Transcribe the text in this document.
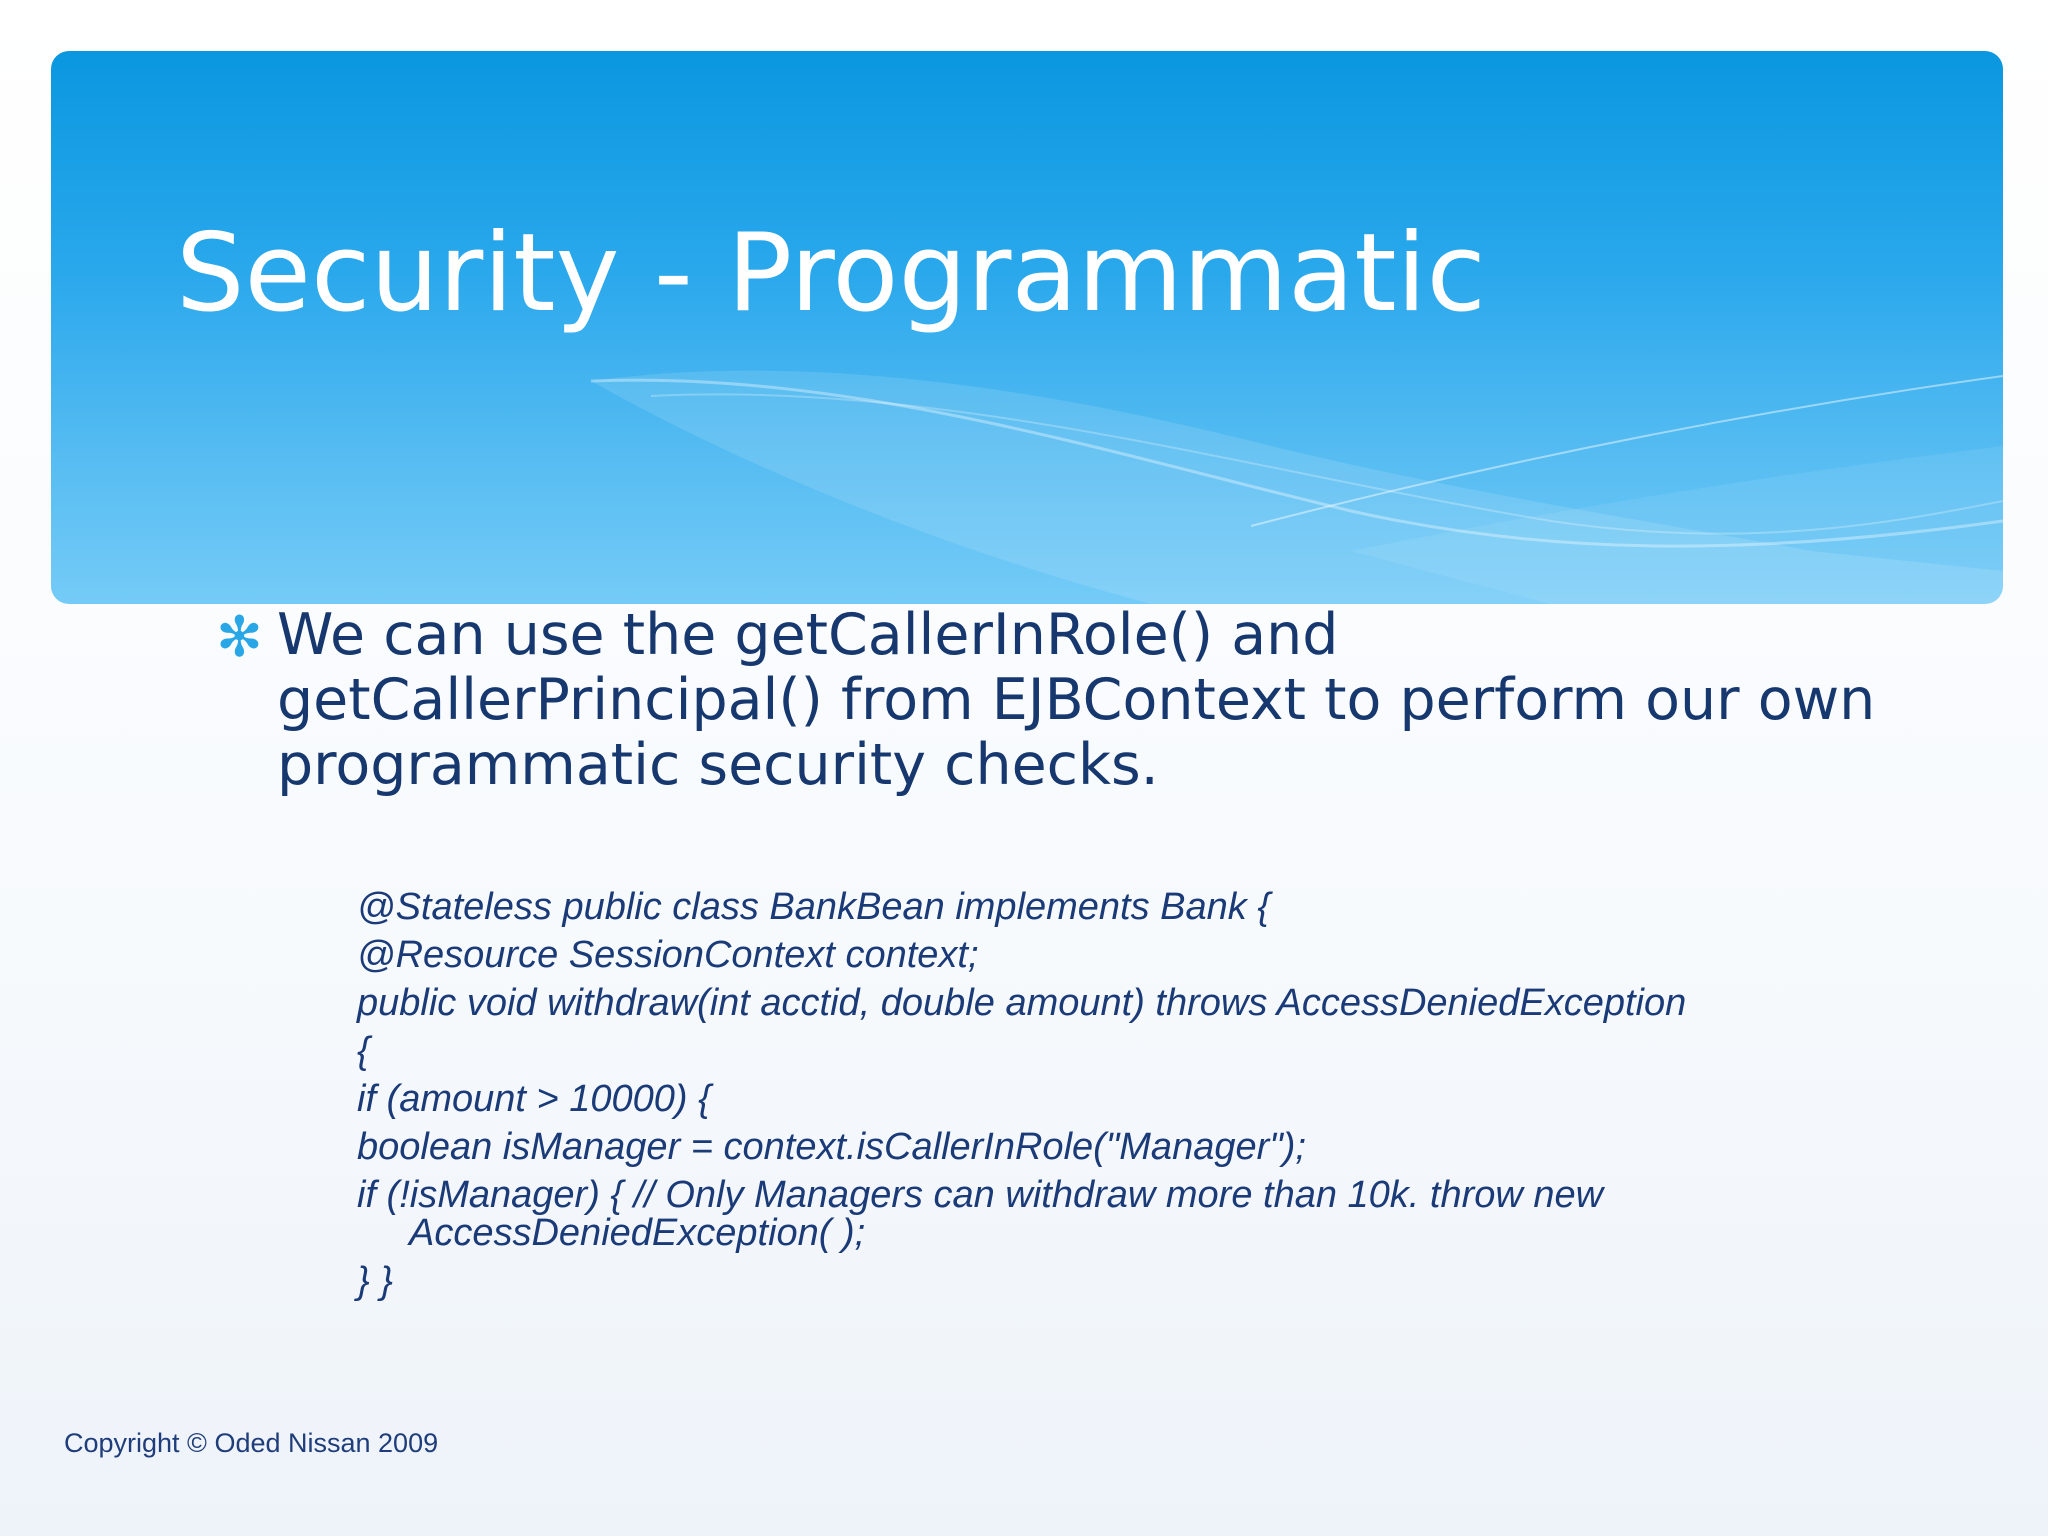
Security - Programmatic
✻ We can use the getCallerInRole() and getCallerPrincipal() from EJBContext to perform our own programmatic security checks.

@Stateless public class BankBean implements Bank {
@Resource SessionContext context;
public void withdraw(int acctid, double amount) throws AccessDeniedException
{
if (amount > 10000) {
boolean isManager = context.isCallerInRole("Manager");
if (!isManager) { // Only Managers can withdraw more than 10k. throw new
AccessDeniedException( );
} }
Copyright © Oded Nissan 2009
